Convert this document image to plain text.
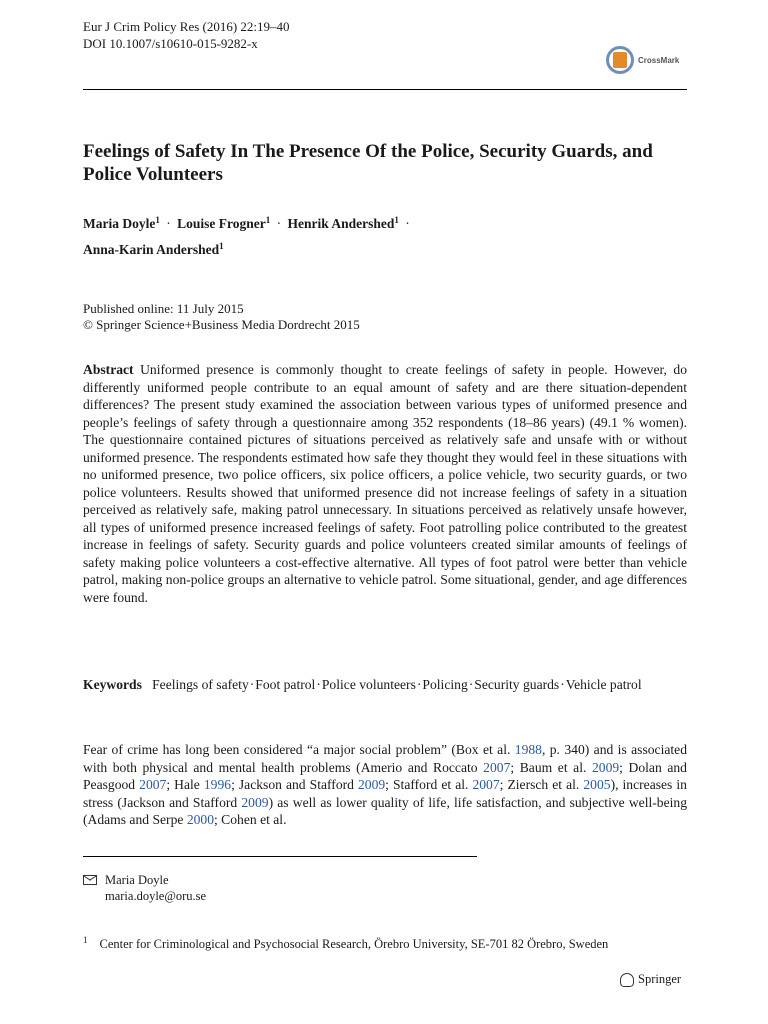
Eur J Crim Policy Res (2016) 22:19–40
DOI 10.1007/s10610-015-9282-x
CrossMark
Feelings of Safety In The Presence Of the Police, Security Guards, and Police Volunteers
Maria Doyle$^1$ · Louise Frogner$^1$ · Henrik Andershed$^1$ ·
Anna-Karin Andershed$^1$
Published online: 11 July 2015
© Springer Science+Business Media Dordrecht 2015
Abstract Uniformed presence is commonly thought to create feelings of safety in people. However, do differently uniformed people contribute to an equal amount of safety and are there situation-dependent differences? The present study examined the association between various types of uniformed presence and people’s feelings of safety through a questionnaire among 352 respondents (18–86 years) (49.1 % women). The questionnaire contained pictures of situations perceived as relatively safe and unsafe with or without uniformed presence. The respondents estimated how safe they thought they would feel in these situations with no uniformed presence, two police officers, six police officers, a police vehicle, two security guards, or two police volunteers. Results showed that uniformed presence did not increase feelings of safety in a situation perceived as relatively safe, making patrol unnecessary. In situations perceived as relatively unsafe however, all types of uniformed presence increased feelings of safety. Foot patrolling police contributed to the greatest increase in feelings of safety. Security guards and police volunteers created similar amounts of feelings of safety making police volunteers a cost-effective alternative. All types of foot patrol were better than vehicle patrol, making non-police groups an alternative to vehicle patrol. Some situational, gender, and age differences were found.
Keywords Feelings of safety·Foot patrol·Police volunteers·Policing·Security guards·Vehicle patrol
Fear of crime has long been considered “a major social problem” (Box et al. 1988, p. 340) and is associated with both physical and mental health problems (Amerio and Roccato 2007; Baum et al. 2009; Dolan and Peasgood 2007; Hale 1996; Jackson and Stafford 2009; Stafford et al. 2007; Ziersch et al. 2005), increases in stress (Jackson and Stafford 2009) as well as lower quality of life, life satisfaction, and subjective well-being (Adams and Serpe 2000; Cohen et al.
Maria Doyle
maria.doyle@oru.se
$^1$ Center for Criminological and Psychosocial Research, Örebro University, SE-701 82 Örebro, Sweden
Springer
